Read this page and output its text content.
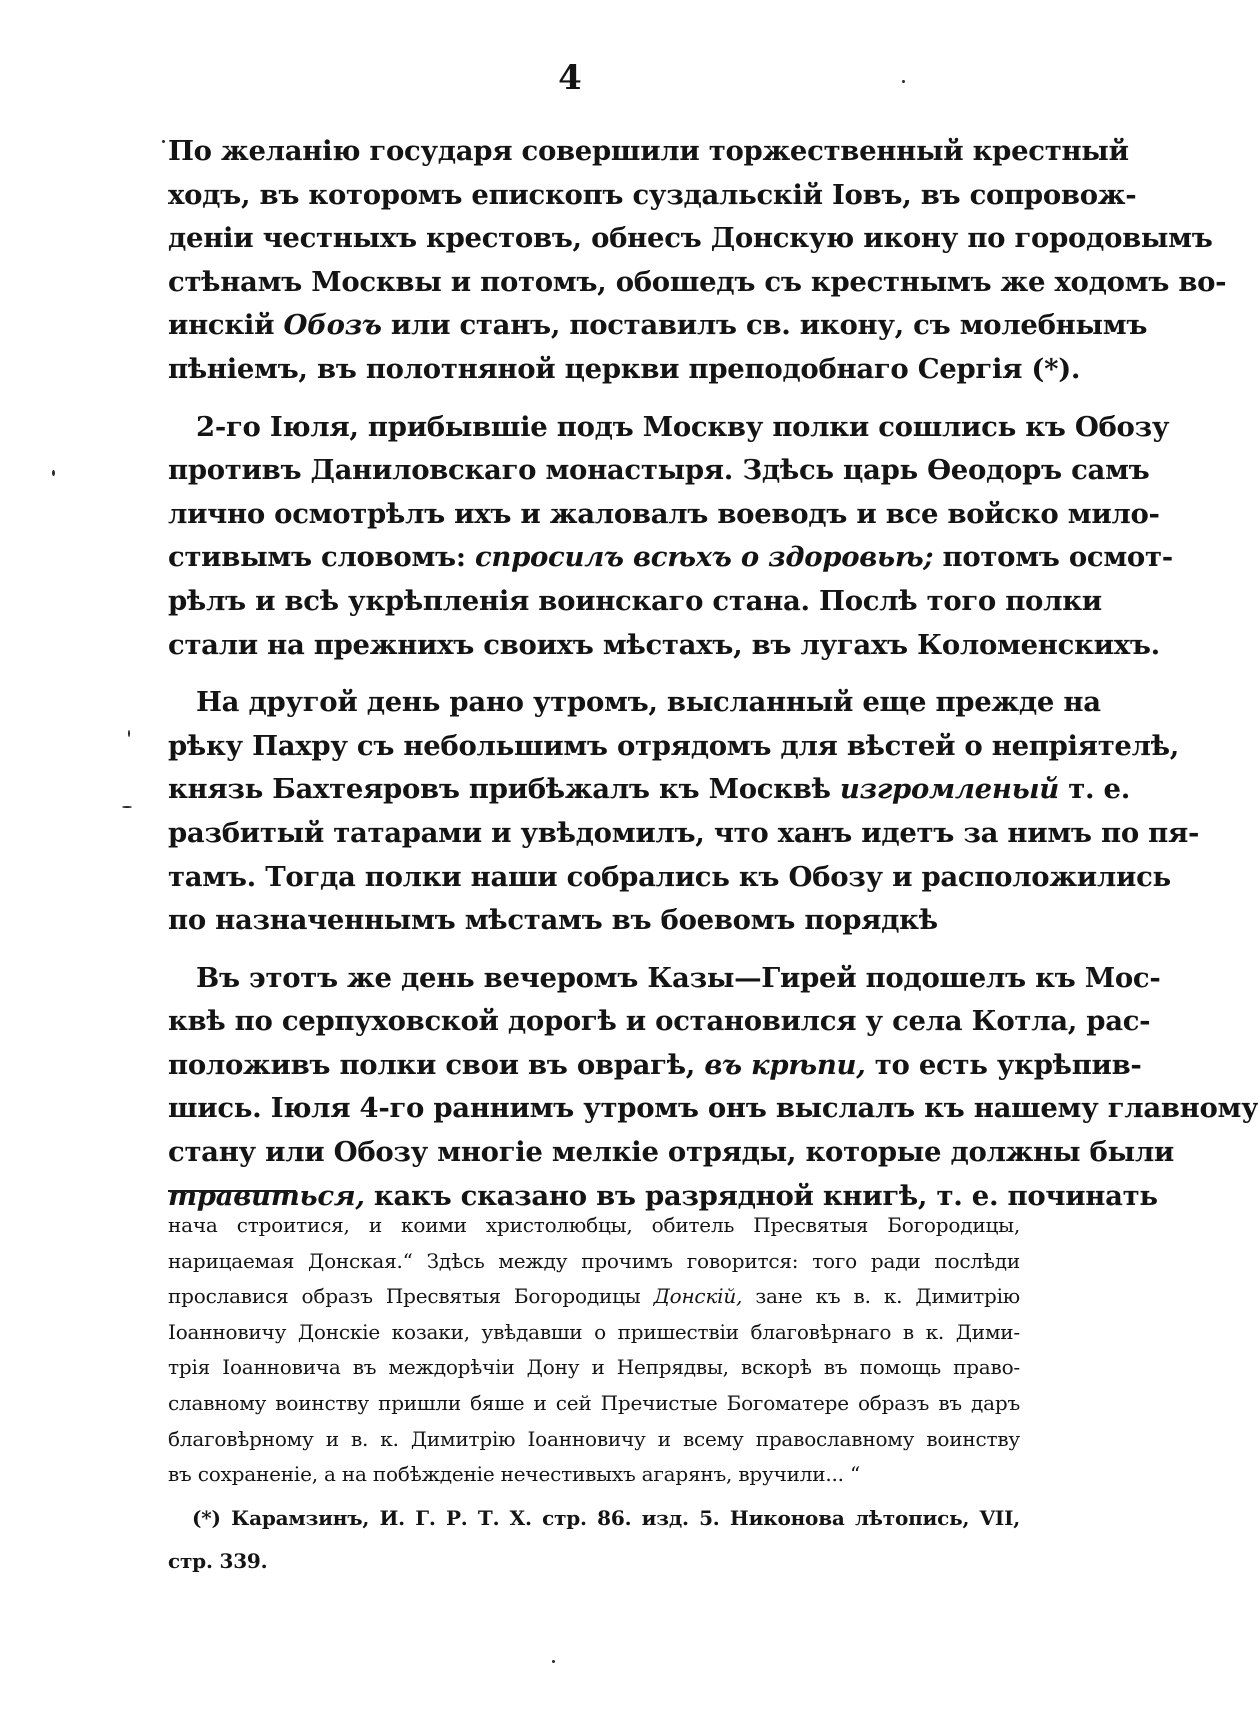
4
По желанію государя совершили торжественный крестный
ходъ, въ которомъ епископъ суздальскій Іовъ, въ сопровож-
деніи честныхъ крестовъ, обнесъ Донскую икону по городовымъ
стѣнамъ Москвы и потомъ, обошедъ съ крестнымъ же ходомъ во-
инскій Обозъ или станъ, поставилъ св. икону, съ молебнымъ
пѣніемъ, въ полотняной церкви преподобнаго Сергія (*).
2-го Іюля, прибывшіе подъ Москву полки сошлись къ Обозу
противъ Даниловскаго монастыря. Здѣсь царь Ѳеодоръ самъ
лично осмотрѣлъ ихъ и жаловалъ воеводъ и все войско мило-
стивымъ словомъ: спросилъ всѣхъ о здоровьѣ; потомъ осмот-
рѣлъ и всѣ укрѣпленія воинскаго стана. Послѣ того полки
стали на прежнихъ своихъ мѣстахъ, въ лугахъ Коломенскихъ.
На другой день рано утромъ, высланный еще прежде на
рѣку Пахру съ небольшимъ отрядомъ для вѣстей о непріятелѣ,
князь Бахтеяровъ прибѣжалъ къ Москвѣ изгромленый т. е.
разбитый татарами и увѣдомилъ, что ханъ идетъ за нимъ по пя-
тамъ. Тогда полки наши собрались къ Обозу и расположились
по назначеннымъ мѣстамъ въ боевомъ порядкѣ
Въ этотъ же день вечеромъ Казы—Гирей подошелъ къ Мос-
квѣ по серпуховской дорогѣ и остановился у села Котла, рас-
положивъ полки свои въ оврагѣ, въ крѣпи, то есть укрѣпив-
шись. Іюля 4-го раннимъ утромъ онъ выслалъ къ нашему главному
стану или Обозу многіе мелкіе отряды, которые должны были
травиться, какъ сказано въ разрядной книгѣ, т. е. починать
нача строитися, и коими христолюбцы, обитель Пресвятыя Богородицы,
нарицаемая Донская.“ Здѣсь между прочимъ говорится: того ради послѣди
прославися образъ Пресвятыя Богородицы Донскій, зане къ в. к. Димитрію
Іоанновичу Донскіе козаки, увѣдавши о пришествіи благовѣрнаго в к. Дими-
трія Іоанновича въ междорѣчіи Дону и Непрядвы, вскорѣ въ помощь право-
славному воинству пришли бяше и сей Пречистые Богоматере образъ въ даръ
благовѣрному и в. к. Димитрію Іоанновичу и всему православному воинству
въ сохраненіе, а на побѣжденіе нечестивыхъ агарянъ, вручили... “
(*) Карамзинъ, И. Г. Р. Т. X. стр. 86. изд. 5. Никонова лѣтопись, VII,
стр. 339.
